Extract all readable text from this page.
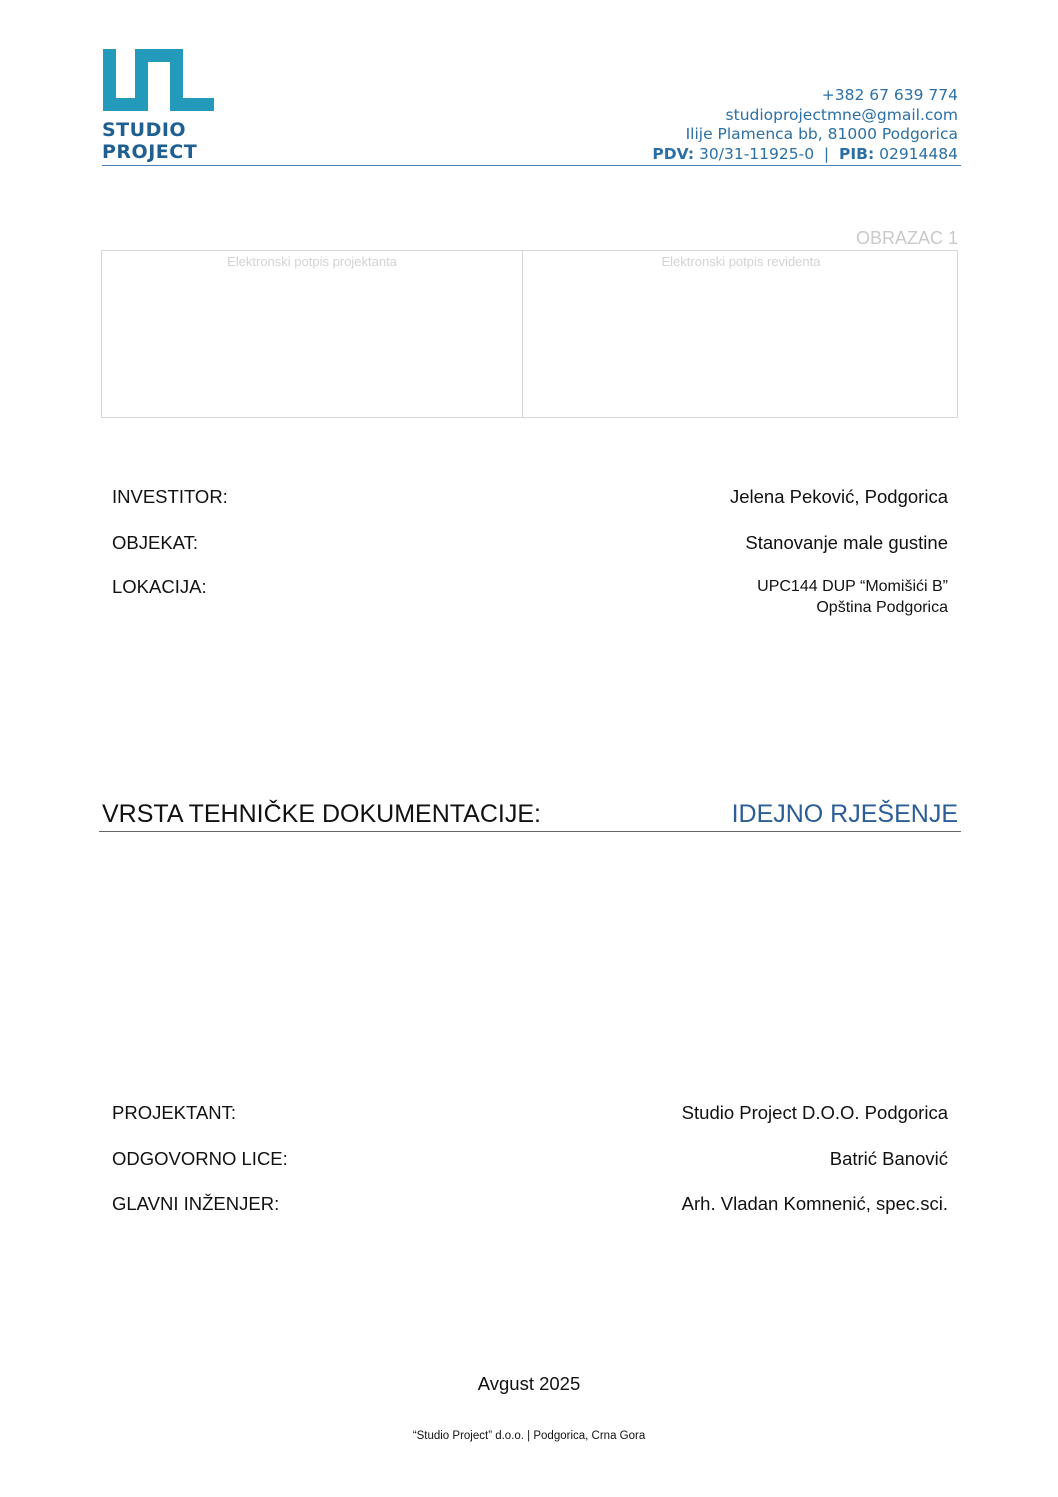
STUDIO
PROJECT
+382 67 639 774
studioprojectmne@gmail.com
Ilije Plamenca bb, 81000 Podgorica
PDV: 30/31-11925-0 | PIB: 02914484
OBRAZAC 1
Elektronski potpis projektanta	Elektronski potpis revidenta
INVESTITOR:	Jelena Peković, Podgorica
OBJEKAT:	Stanovanje male gustine
LOKACIJA:	UPC144 DUP “Momišići B”
Opština Podgorica
VRSTA TEHNIČKE DOKUMENTACIJE:	IDEJNO RJEŠENJE
PROJEKTANT:	Studio Project D.O.O. Podgorica
ODGOVORNO LICE:	Batrić Banović
GLAVNI INŽENJER:	Arh. Vladan Komnenić, spec.sci.
Avgust 2025
“Studio Project” d.o.o. | Podgorica, Crna Gora
